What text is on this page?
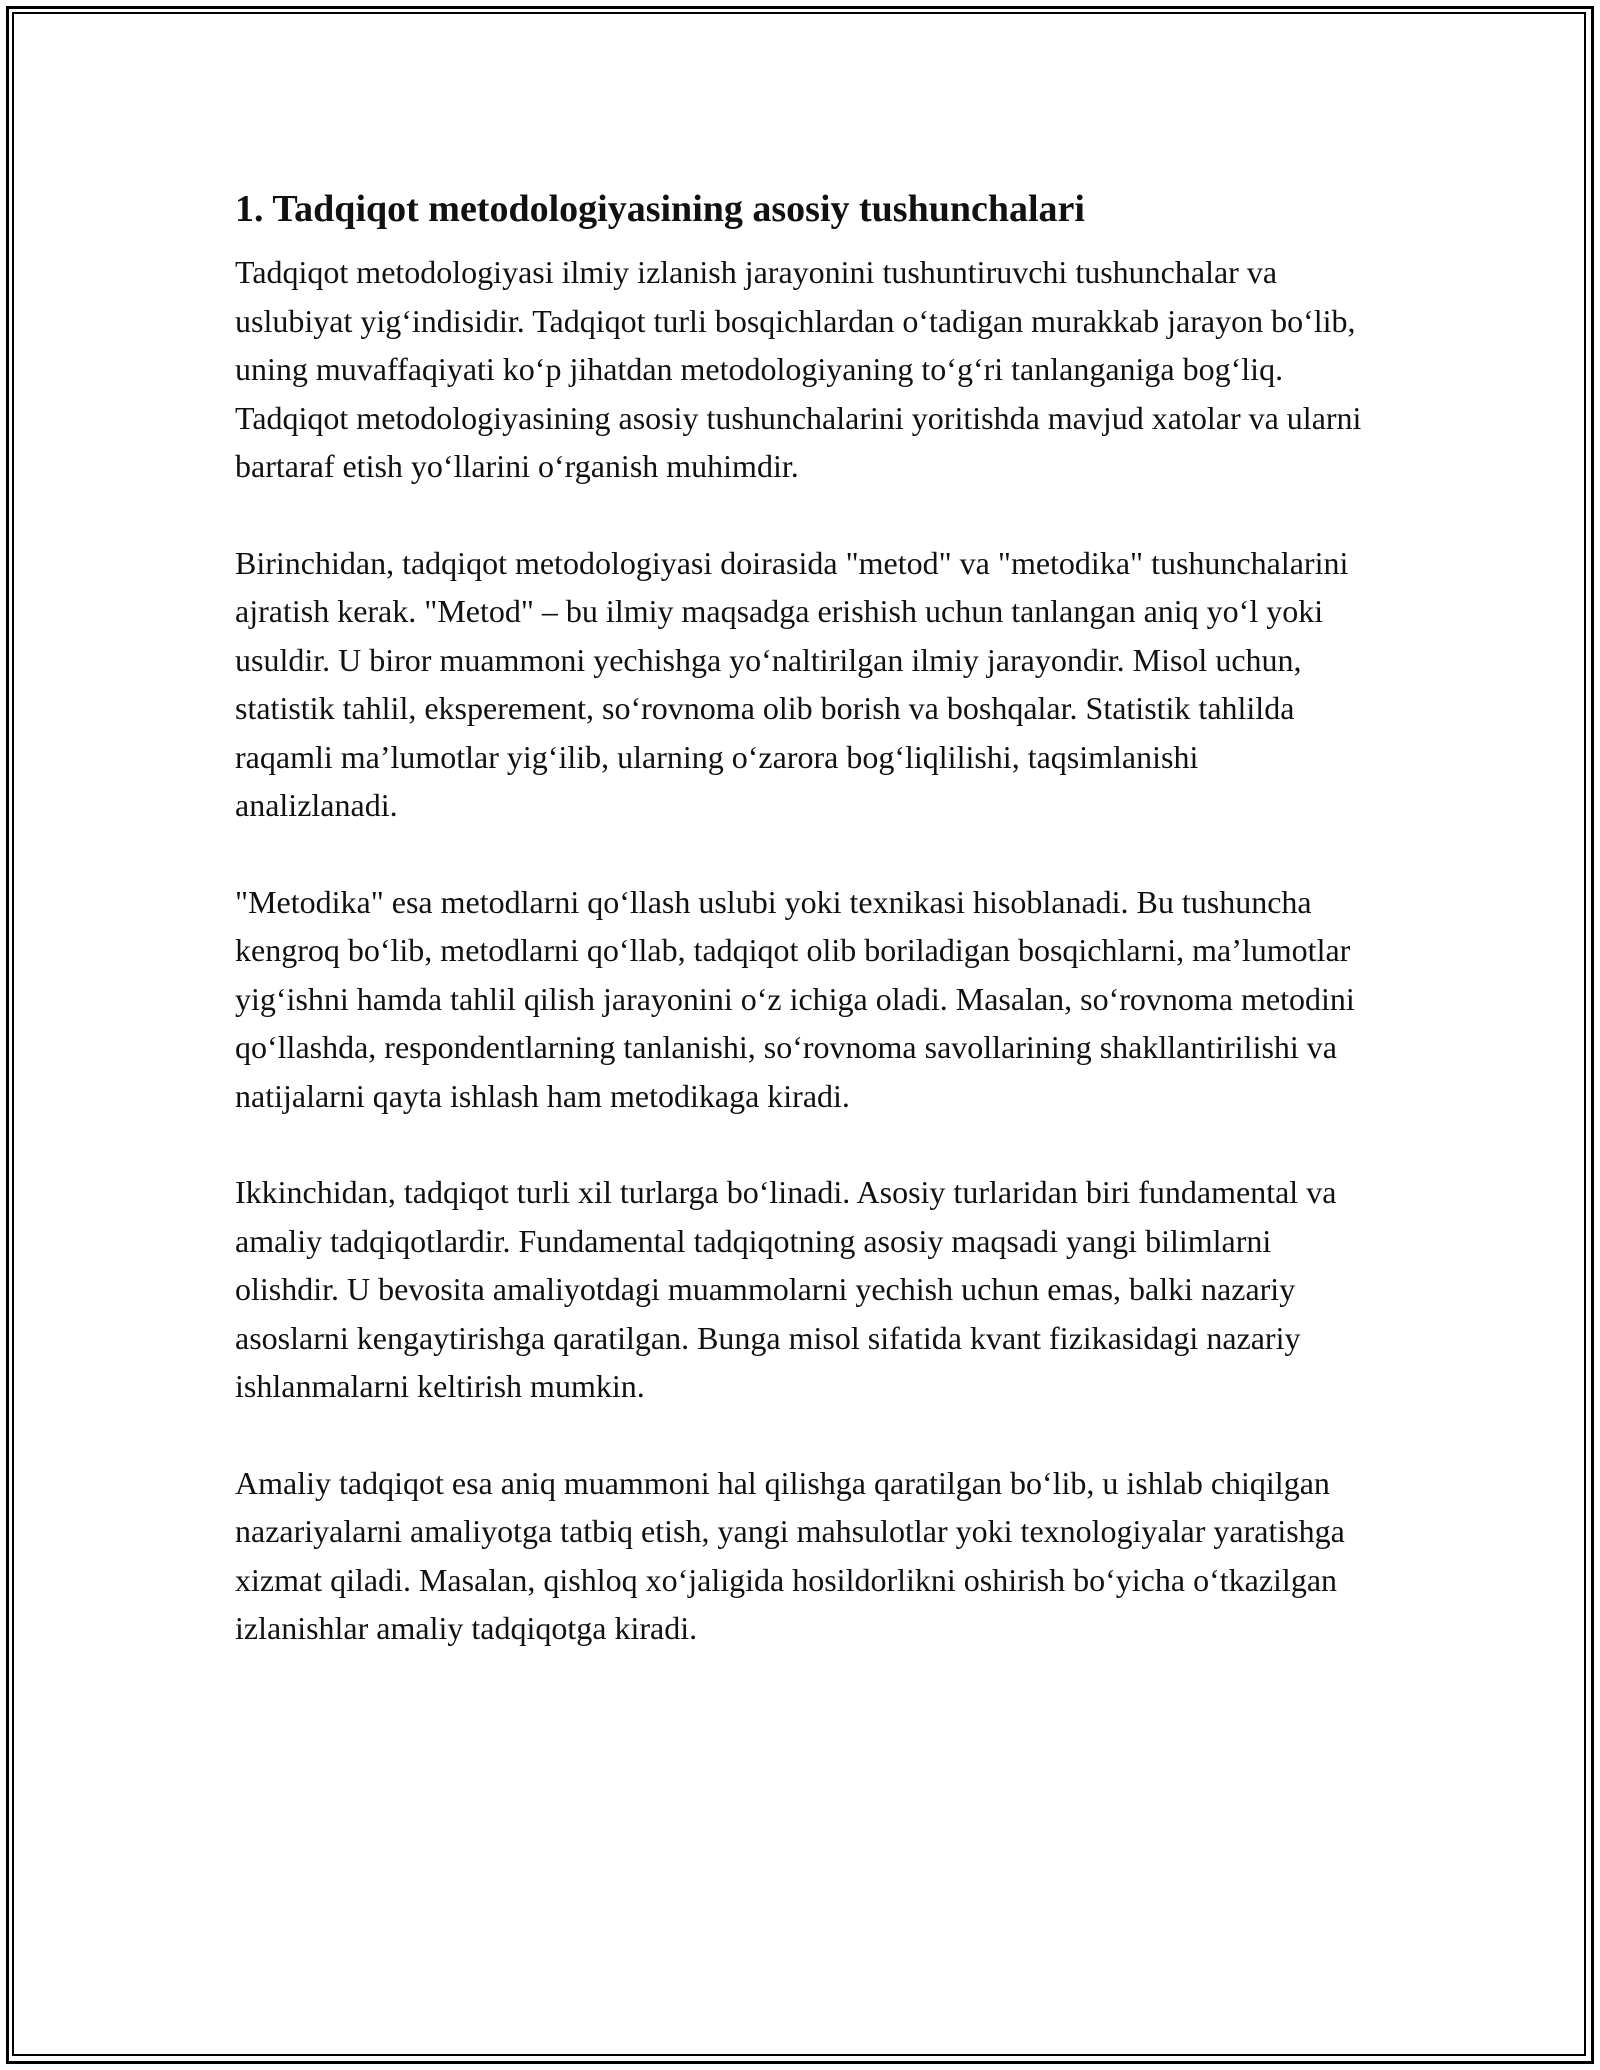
1. Tadqiqot metodologiyasining asosiy tushunchalari

Tadqiqot metodologiyasi ilmiy izlanish jarayonini tushuntiruvchi tushunchalar va uslubiyat yig‘indisidir. Tadqiqot turli bosqichlardan o‘tadigan murakkab jarayon bo‘lib, uning muvaffaqiyati ko‘p jihatdan metodologiyaning to‘g‘ri tanlanganiga bog‘liq. Tadqiqot metodologiyasining asosiy tushunchalarini yoritishda mavjud xatolar va ularni bartaraf etish yo‘llarini o‘rganish muhimdir.

Birinchidan, tadqiqot metodologiyasi doirasida "metod" va "metodika" tushunchalarini ajratish kerak. "Metod" – bu ilmiy maqsadga erishish uchun tanlangan aniq yo‘l yoki usuldir. U biror muammoni yechishga yo‘naltirilgan ilmiy jarayondir. Misol uchun, statistik tahlil, eksperement, so‘rovnoma olib borish va boshqalar. Statistik tahlilda raqamli ma’lumotlar yig‘ilib, ularning o‘zarora bog‘liqlilishi, taqsimlanishi analizlanadi.

"Metodika" esa metodlarni qo‘llash uslubi yoki texnikasi hisoblanadi. Bu tushuncha kengroq bo‘lib, metodlarni qo‘llab, tadqiqot olib boriladigan bosqichlarni, ma’lumotlar yig‘ishni hamda tahlil qilish jarayonini o‘z ichiga oladi. Masalan, so‘rovnoma metodini qo‘llashda, respondentlarning tanlanishi, so‘rovnoma savollarining shakllantirilishi va natijalarni qayta ishlash ham metodikaga kiradi.

Ikkinchidan, tadqiqot turli xil turlarga bo‘linadi. Asosiy turlaridan biri fundamental va amaliy tadqiqotlardir. Fundamental tadqiqotning asosiy maqsadi yangi bilimlarni olishdir. U bevosita amaliyotdagi muammolarni yechish uchun emas, balki nazariy asoslarni kengaytirishga qaratilgan. Bunga misol sifatida kvant fizikasidagi nazariy ishlanmalarni keltirish mumkin.

Amaliy tadqiqot esa aniq muammoni hal qilishga qaratilgan bo‘lib, u ishlab chiqilgan nazariyalarni amaliyotga tatbiq etish, yangi mahsulotlar yoki texnologiyalar yaratishga xizmat qiladi. Masalan, qishloq xo‘jaligida hosildorlikni oshirish bo‘yicha o‘tkazilgan izlanishlar amaliy tadqiqotga kiradi.
